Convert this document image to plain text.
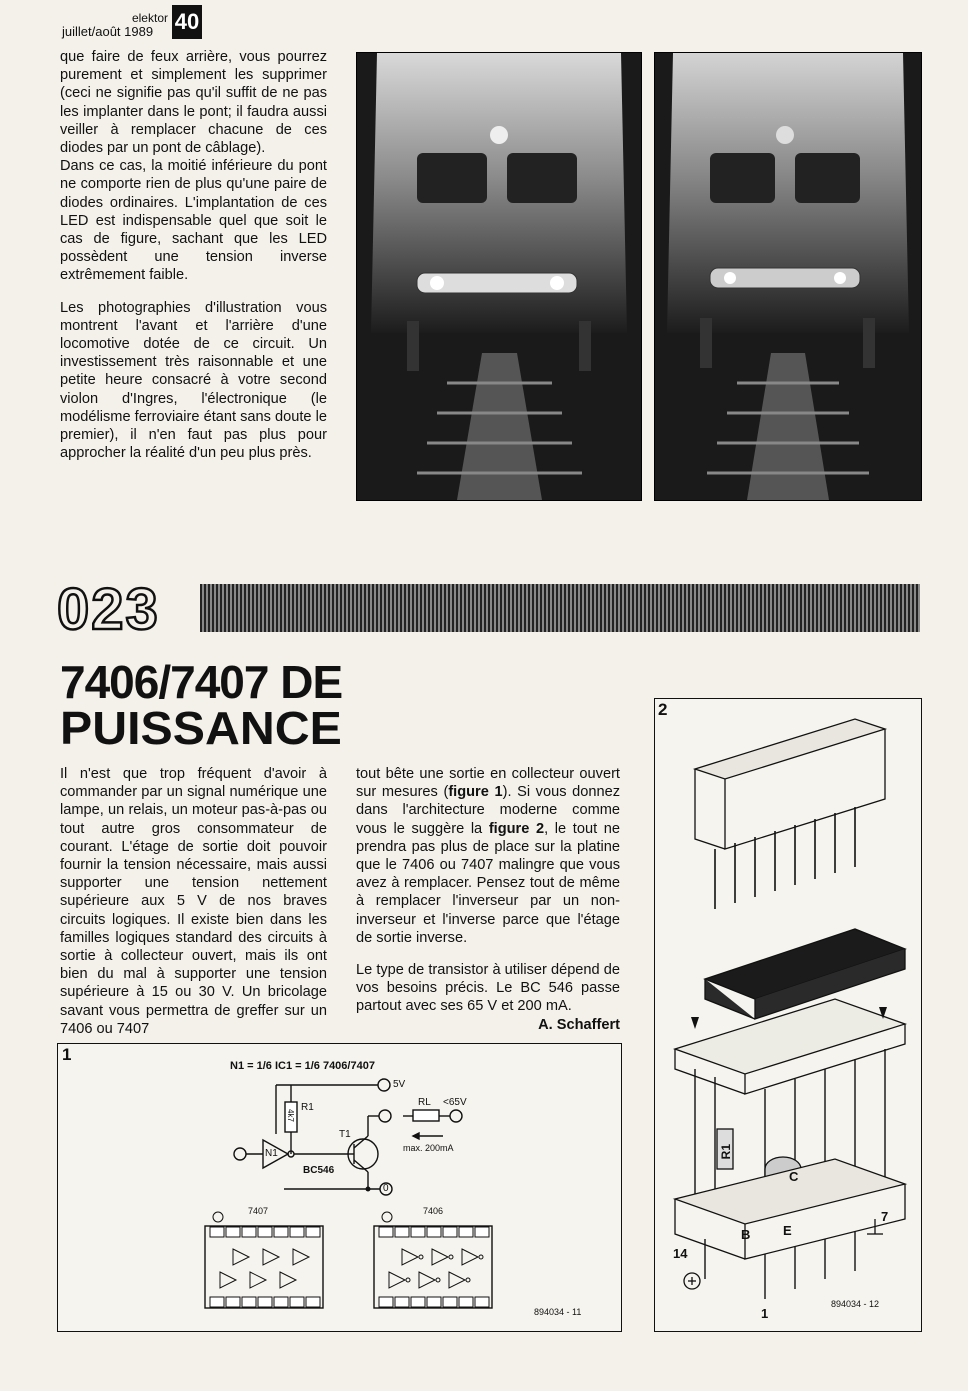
elektor
juillet/août 1989 40

que faire de feux arrière, vous pourrez purement et simplement les supprimer (ceci ne signifie pas qu'il suffit de ne pas les implanter dans le pont; il faudra aussi veiller à remplacer chacune de ces diodes par un pont de câblage).

Dans ce cas, la moitié inférieure du pont ne comporte rien de plus qu'une paire de diodes ordinaires. L'implantation de ces LED est indispensable quel que soit le cas de figure, sachant que les LED possèdent une tension inverse extrêmement faible.

Les photographies d'illustration vous montrent l'avant et l'arrière d'une locomotive dotée de ce circuit. Un investissement très raisonnable et une petite heure consacré à votre second violon d'Ingres, l'électronique (le modélisme ferroviaire étant sans doute le premier), il n'en faut pas plus pour approcher la réalité d'un peu plus près.

023
7406/7407 DE
PUISSANCE
Il n'est que trop fréquent d'avoir à commander par un signal numérique une lampe, un relais, un moteur pas-à-pas ou tout autre gros consommateur de courant. L'étage de sortie doit pouvoir fournir la tension nécessaire, mais aussi supporter une tension nettement supérieure aux 5 V de nos braves circuits logiques. Il existe bien dans les familles logiques standard des circuits à sortie à collecteur ouvert, mais ils ont bien du mal à supporter une tension supérieure à 15 ou 30 V. Un bricolage savant vous permettra de greffer sur un 7406 ou 7407

tout bête une sortie en collecteur ouvert sur mesures (figure 1). Si vous donnez dans l'architecture moderne comme vous le suggère la figure 2, le tout ne prendra pas plus de place sur la platine que le 7406 ou 7407 malingre que vous avez à remplacer. Pensez tout de même à remplacer l'inverseur par un non-inverseur et l'inverse parce que l'étage de sortie inverse.

Le type de transistor à utiliser dépend de vos besoins précis. Le BC 546 passe partout avec ses 65 V et 200 mA.

A. Schaffert

1
N1 = 1/6 IC1 = 1/6 7406/7407
5V
R1
4k7
RL <65V
T1
max. 200mA
N1
BC546
0
7407	7406
894034 - 11
2
R1
B	E
C
14
7
1
894034 - 12
